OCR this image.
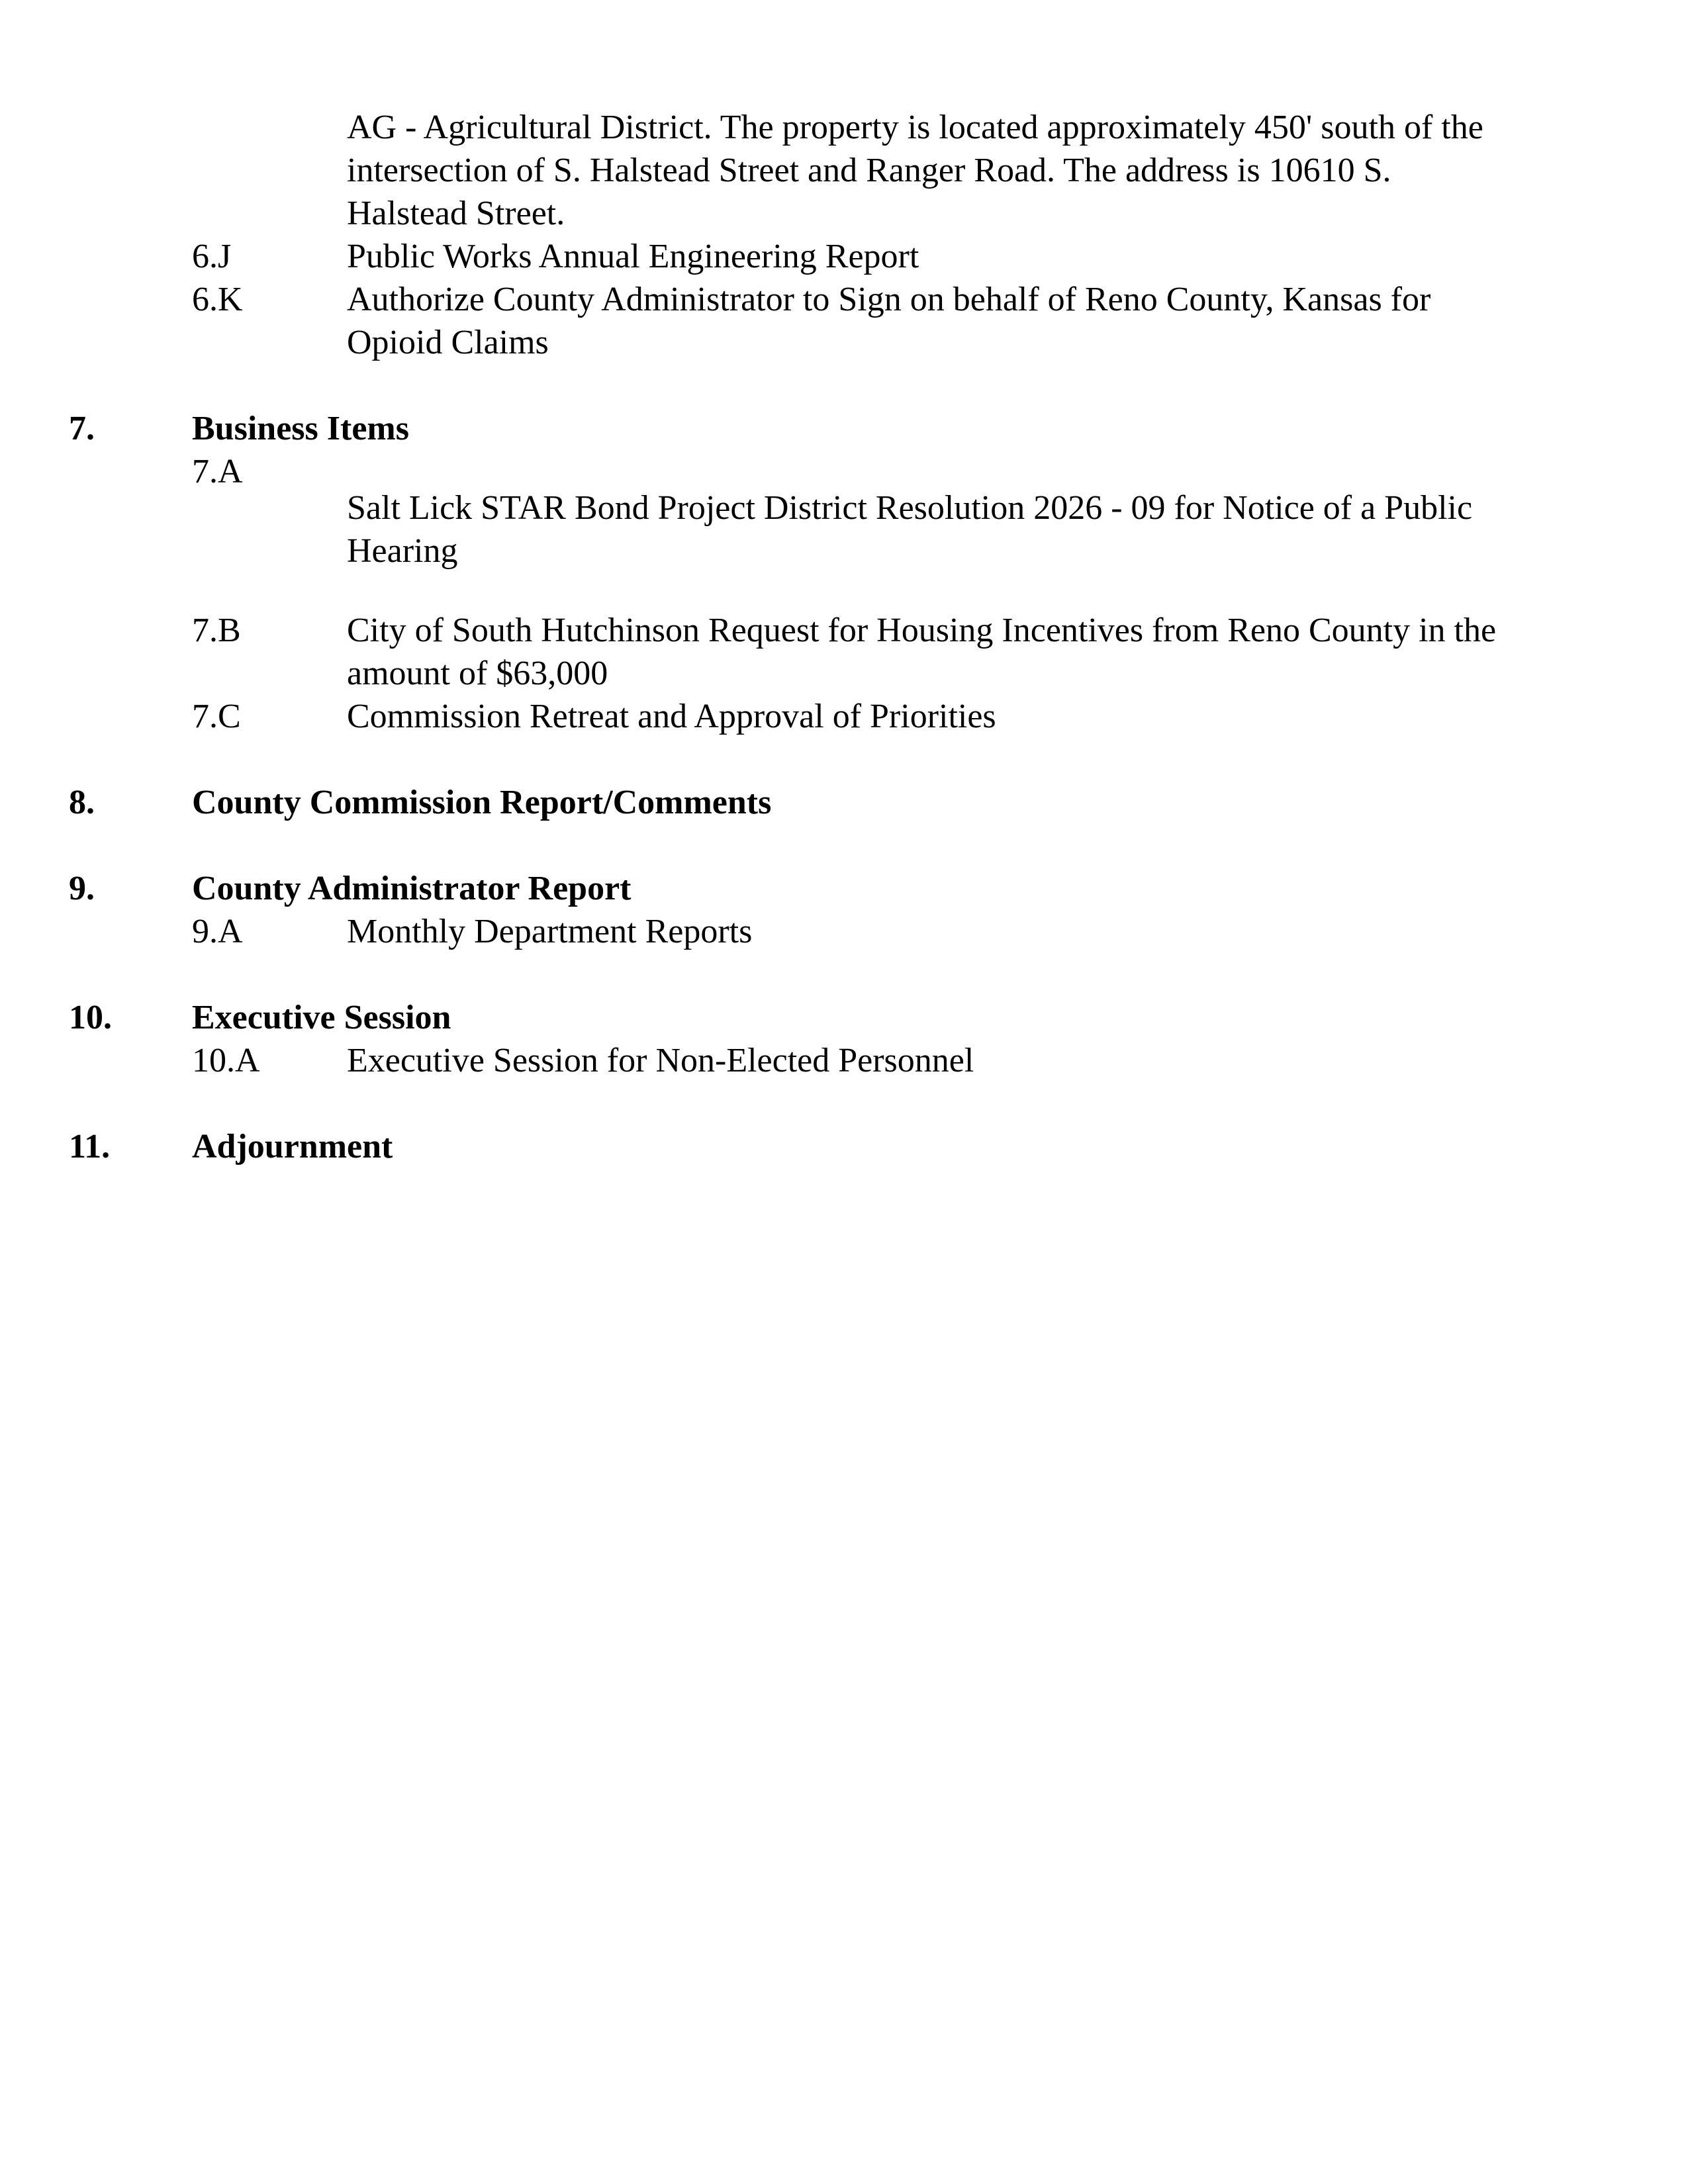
AG - Agricultural District. The property is located approximately 450' south of the
intersection of S. Halstead Street and Ranger Road. The address is 10610 S.
Halstead Street.
6.J	Public Works Annual Engineering Report
6.K	Authorize County Administrator to Sign on behalf of Reno County, Kansas for
Opioid Claims
7.	Business Items
7.A
Salt Lick STAR Bond Project District Resolution 2026 - 09 for Notice of a Public
Hearing
7.B	City of South Hutchinson Request for Housing Incentives from Reno County in the
amount of $63,000
7.C	Commission Retreat and Approval of Priorities
8.	County Commission Report/Comments
9.	County Administrator Report
9.A	Monthly Department Reports
10. Executive Session
10.A	Executive Session for Non-Elected Personnel
11. Adjournment
